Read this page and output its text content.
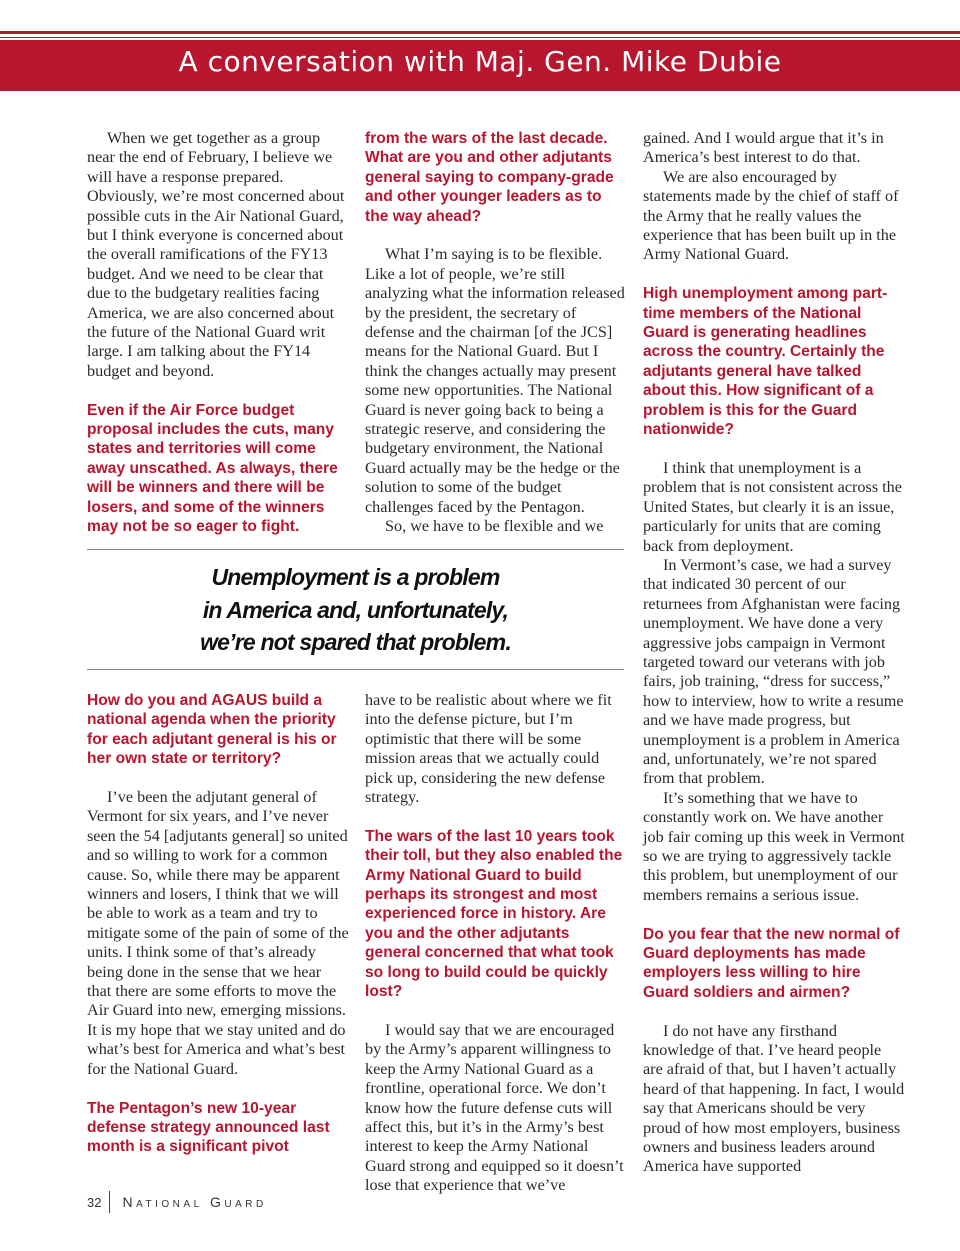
A conversation with Maj. Gen. Mike Dubie

When we get together as a group near the end of February, I believe we will have a response prepared. Obviously, we’re most concerned about possible cuts in the Air National Guard, but I think everyone is concerned about the overall ramifications of the FY13 budget. And we need to be clear that due to the budgetary realities facing America, we are also concerned about the future of the National Guard writ large. I am talking about the FY14 budget and beyond.

Even if the Air Force budget proposal includes the cuts, many states and territories will come away unscathed. As always, there will be winners and there will be losers, and some of the winners may not be so eager to fight.

from the wars of the last decade. What are you and other adjutants general saying to company-grade and other younger leaders as to the way ahead?

What I’m saying is to be flexible. Like a lot of people, we’re still analyzing what the information released by the president, the secretary of defense and the chairman [of the JCS] means for the National Guard. But I think the changes actually may present some new opportunities. The National Guard is never going back to being a strategic reserve, and considering the budgetary environment, the National Guard actually may be the hedge or the solution to some of the budget challenges faced by the Pentagon.

So, we have to be flexible and we

gained. And I would argue that it’s in America’s best interest to do that.

We are also encouraged by statements made by the chief of staff of the Army that he really values the experience that has been built up in the Army National Guard.

High unemployment among part-time members of the National Guard is generating headlines across the country. Certainly the adjutants general have talked about this. How significant of a problem is this for the Guard nationwide?

I think that unemployment is a problem that is not consistent across the United States, but clearly it is an issue, particularly for units that are coming back from deployment.

In Vermont’s case, we had a survey that indicated 30 percent of our returnees from Afghanistan were facing unemployment. We have done a very aggressive jobs campaign in Vermont targeted toward our veterans with job fairs, job training, “dress for success,” how to interview, how to write a resume and we have made progress, but unemployment is a problem in America and, unfortunately, we’re not spared from that problem.

It’s something that we have to constantly work on. We have another job fair coming up this week in Vermont so we are trying to aggressively tackle this problem, but unemployment of our members remains a serious issue.

Do you fear that the new normal of Guard deployments has made employers less willing to hire Guard soldiers and airmen?

I do not have any firsthand knowledge of that. I’ve heard people are afraid of that, but I haven’t actually heard of that happening. In fact, I would say that Americans should be very proud of how most employers, business owners and business leaders around America have supported

Unemployment is a problem
in America and, unfortunately,
we’re not spared that problem.

How do you and AGAUS build a national agenda when the priority for each adjutant general is his or her own state or territory?

I’ve been the adjutant general of Vermont for six years, and I’ve never seen the 54 [adjutants general] so united and so willing to work for a common cause. So, while there may be apparent winners and losers, I think that we will be able to work as a team and try to mitigate some of the pain of some of the units. I think some of that’s already being done in the sense that we hear that there are some efforts to move the Air Guard into new, emerging missions. It is my hope that we stay united and do what’s best for America and what’s best for the National Guard.

The Pentagon’s new 10-year defense strategy announced last month is a significant pivot

have to be realistic about where we fit into the defense picture, but I’m optimistic that there will be some mission areas that we actually could pick up, considering the new defense strategy.

The wars of the last 10 years took their toll, but they also enabled the Army National Guard to build perhaps its strongest and most experienced force in history. Are you and the other adjutants general concerned that what took so long to build could be quickly lost?

I would say that we are encouraged by the Army’s apparent willingness to keep the Army National Guard as a frontline, operational force. We don’t know how the future defense cuts will affect this, but it’s in the Army’s best interest to keep the Army National Guard strong and equipped so it doesn’t lose that experience that we’ve

32 National Guard
